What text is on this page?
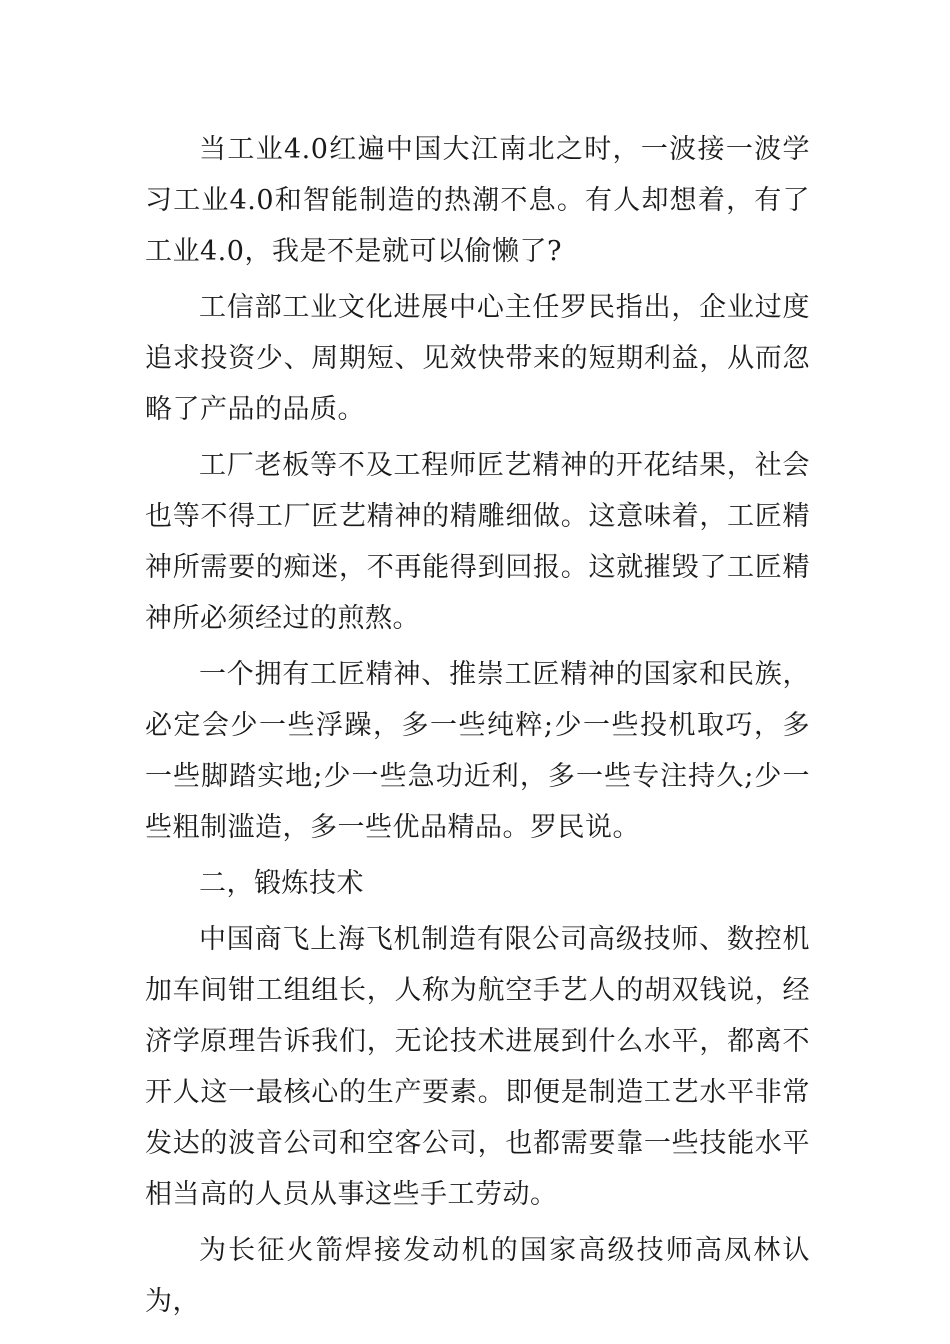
当工业4.0红遍中国大江南北之时，一波接一波学习工业4.0和智能制造的热潮不息。有人却想着，有了工业4.0，我是不是就可以偷懒了?

工信部工业文化进展中心主任罗民指出，企业过度追求投资少、周期短、见效快带来的短期利益，从而忽略了产品的品质。

工厂老板等不及工程师匠艺精神的开花结果，社会也等不得工厂匠艺精神的精雕细做。这意味着，工匠精神所需要的痴迷，不再能得到回报。这就摧毁了工匠精神所必须经过的煎熬。

一个拥有工匠精神、推崇工匠精神的国家和民族，必定会少一些浮躁，多一些纯粹;少一些投机取巧，多一些脚踏实地;少一些急功近利，多一些专注持久;少一些粗制滥造，多一些优品精品。罗民说。

二，锻炼技术

中国商飞上海飞机制造有限公司高级技师、数控机加车间钳工组组长，人称为航空手艺人的胡双钱说，经济学原理告诉我们，无论技术进展到什么水平，都离不开人这一最核心的生产要素。即便是制造工艺水平非常发达的波音公司和空客公司，也都需要靠一些技能水平相当高的人员从事这些手工劳动。

为长征火箭焊接发动机的国家高级技师高凤林认为，
